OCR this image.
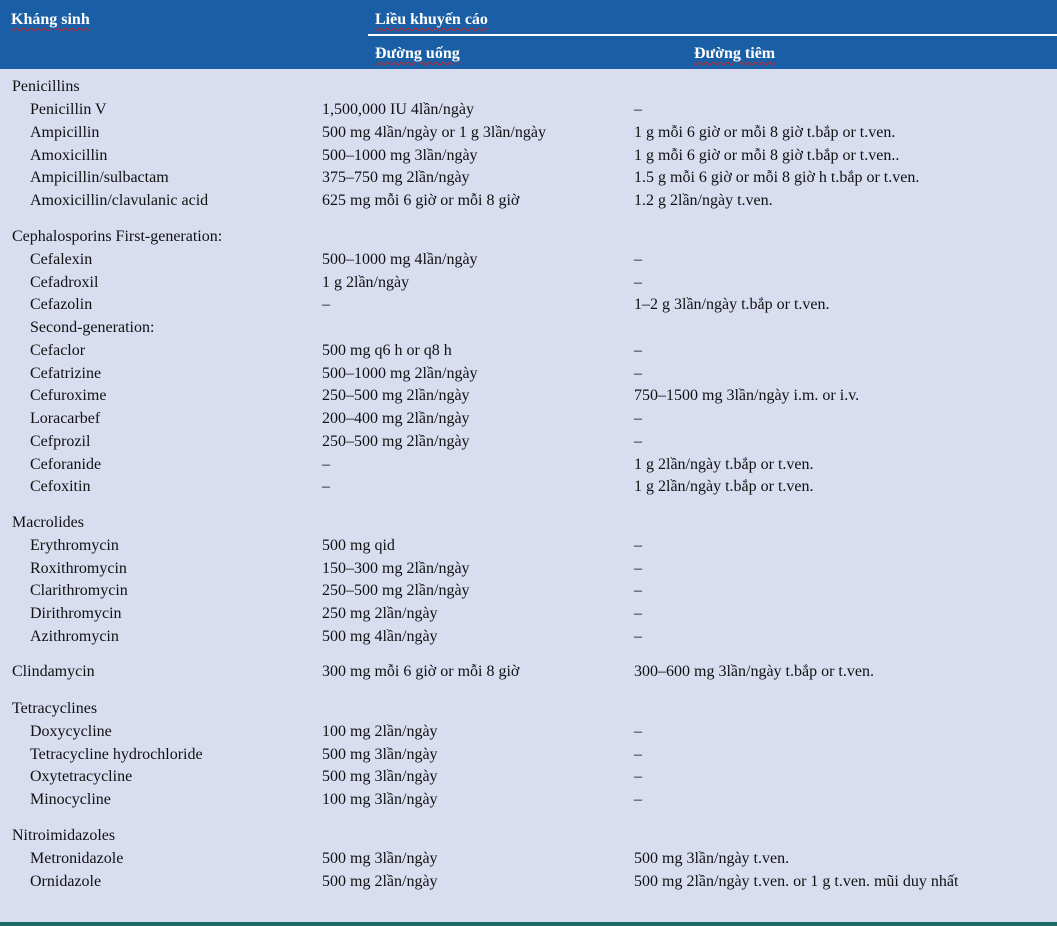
Kháng sinh	Liều khuyến cáo
Đường uống	Đường tiêm
Penicillins
Penicillin V	1,500,000 IU 4lần/ngày	–
Ampicillin	500 mg 4lần/ngày or 1 g 3lần/ngày	1 g mỗi 6 giờ or mỗi 8 giờ t.bắp or t.ven.
Amoxicillin	500–1000 mg 3lần/ngày	1 g mỗi 6 giờ or mỗi 8 giờ t.bắp or t.ven..
Ampicillin/sulbactam	375–750 mg 2lần/ngày	1.5 g mỗi 6 giờ or mỗi 8 giờ h t.bắp or t.ven.
Amoxicillin/clavulanic acid	625 mg mỗi 6 giờ or mỗi 8 giờ	1.2 g 2lần/ngày t.ven.
Cephalosporins First-generation:
Cefalexin	500–1000 mg 4lần/ngày	–
Cefadroxil	1 g 2lần/ngày	–
Cefazolin	–	1–2 g 3lần/ngày t.bắp or t.ven.
Second-generation:
Cefaclor	500 mg q6 h or q8 h	–
Cefatrizine	500–1000 mg 2lần/ngày	–
Cefuroxime	250–500 mg 2lần/ngày	750–1500 mg 3lần/ngày i.m. or i.v.
Loracarbef	200–400 mg 2lần/ngày	–
Cefprozil	250–500 mg 2lần/ngày	–
Ceforanide	–	1 g 2lần/ngày t.bắp or t.ven.
Cefoxitin	–	1 g 2lần/ngày t.bắp or t.ven.
Macrolides
Erythromycin	500 mg qid	–
Roxithromycin	150–300 mg 2lần/ngày	–
Clarithromycin	250–500 mg 2lần/ngày	–
Dirithromycin	250 mg 2lần/ngày	–
Azithromycin	500 mg 4lần/ngày	–
Clindamycin	300 mg mỗi 6 giờ or mỗi 8 giờ	300–600 mg 3lần/ngày t.bắp or t.ven.
Tetracyclines
Doxycycline	100 mg 2lần/ngày	–
Tetracycline hydrochloride	500 mg 3lần/ngày	–
Oxytetracycline	500 mg 3lần/ngày	–
Minocycline	100 mg 3lần/ngày	–
Nitroimidazoles
Metronidazole	500 mg 3lần/ngày	500 mg 3lần/ngày t.ven.
Ornidazole	500 mg 2lần/ngày	500 mg 2lần/ngày t.ven. or 1 g t.ven. mũi duy nhất
